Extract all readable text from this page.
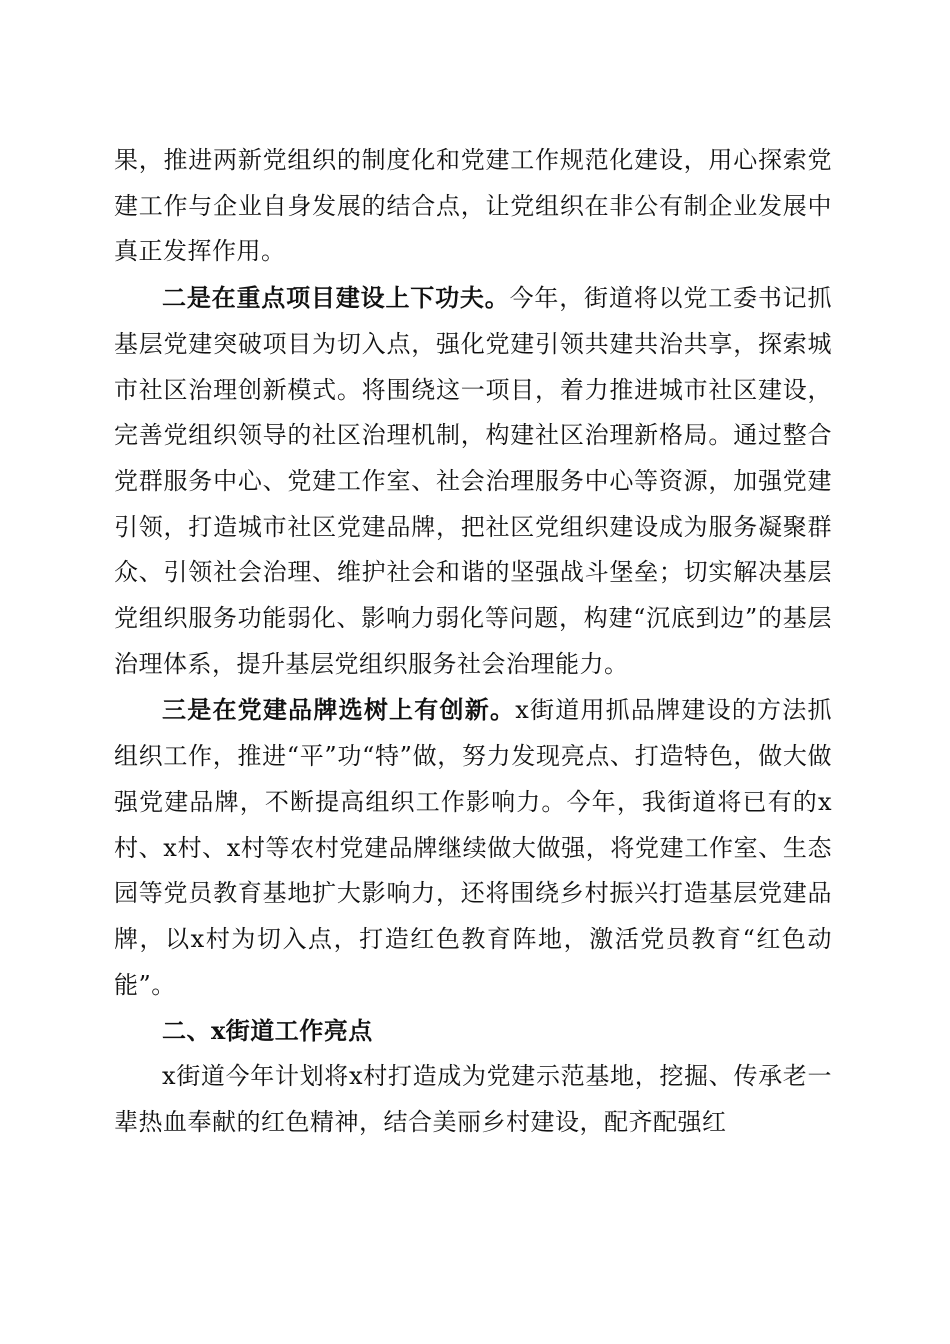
果，推进两新党组织的制度化和党建工作规范化建设，用心探索党建工作与企业自身发展的结合点，让党组织在非公有制企业发展中真正发挥作用。

二是在重点项目建设上下功夫。今年，街道将以党工委书记抓基层党建突破项目为切入点，强化党建引领共建共治共享，探索城市社区治理创新模式。将围绕这一项目，着力推进城市社区建设，完善党组织领导的社区治理机制，构建社区治理新格局。通过整合党群服务中心、党建工作室、社会治理服务中心等资源，加强党建引领，打造城市社区党建品牌，把社区党组织建设成为服务凝聚群众、引领社会治理、维护社会和谐的坚强战斗堡垒；切实解决基层党组织服务功能弱化、影响力弱化等问题，构建“沉底到边”的基层治理体系，提升基层党组织服务社会治理能力。

三是在党建品牌选树上有创新。x街道用抓品牌建设的方法抓组织工作，推进“平”功“特”做，努力发现亮点、打造特色，做大做强党建品牌，不断提高组织工作影响力。今年，我街道将已有的x村、x村、x村等农村党建品牌继续做大做强，将党建工作室、生态园等党员教育基地扩大影响力，还将围绕乡村振兴打造基层党建品牌，以x村为切入点，打造红色教育阵地，激活党员教育“红色动能”。

二、x街道工作亮点

x街道今年计划将x村打造成为党建示范基地，挖掘、传承老一辈热血奉献的红色精神，结合美丽乡村建设，配齐配强红
